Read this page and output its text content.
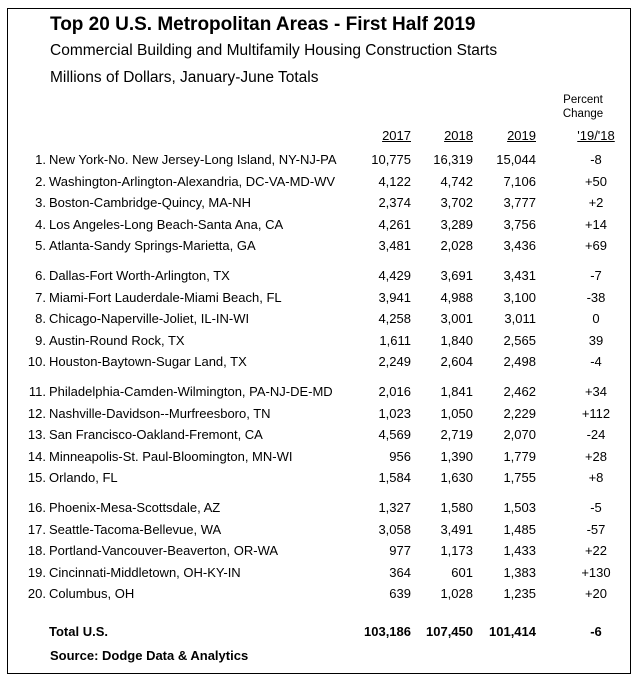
Top 20 U.S. Metropolitan Areas - First Half 2019
Commercial Building and Multifamily Housing Construction Starts
Millions of Dollars, January-June Totals
Percent
Change
2017	2018	2019	'19/'18
1. New York-No. New Jersey-Long Island, NY-NJ-PA	10,775	16,319	15,044	-8
2. Washington-Arlington-Alexandria, DC-VA-MD-WV	4,122	4,742	7,106	+50
3. Boston-Cambridge-Quincy, MA-NH	2,374	3,702	3,777	+2
4. Los Angeles-Long Beach-Santa Ana, CA	4,261	3,289	3,756	+14
5. Atlanta-Sandy Springs-Marietta, GA	3,481	2,028	3,436	+69
6. Dallas-Fort Worth-Arlington, TX	4,429	3,691	3,431	-7
7. Miami-Fort Lauderdale-Miami Beach, FL	3,941	4,988	3,100	-38
8. Chicago-Naperville-Joliet, IL-IN-WI	4,258	3,001	3,011	0
9. Austin-Round Rock, TX	1,611	1,840	2,565	39
10. Houston-Baytown-Sugar Land, TX	2,249	2,604	2,498	-4
11. Philadelphia-Camden-Wilmington, PA-NJ-DE-MD	2,016	1,841	2,462	+34
12. Nashville-Davidson--Murfreesboro, TN	1,023	1,050	2,229	+112
13. San Francisco-Oakland-Fremont, CA	4,569	2,719	2,070	-24
14. Minneapolis-St. Paul-Bloomington, MN-WI	956	1,390	1,779	+28
15. Orlando, FL	1,584	1,630	1,755	+8
16. Phoenix-Mesa-Scottsdale, AZ	1,327	1,580	1,503	-5
17. Seattle-Tacoma-Bellevue, WA	3,058	3,491	1,485	-57
18. Portland-Vancouver-Beaverton, OR-WA	977	1,173	1,433	+22
19. Cincinnati-Middletown, OH-KY-IN	364	601	1,383	+130
20. Columbus, OH	639	1,028	1,235	+20
Total U.S.	103,186	107,450	101,414	-6
Source: Dodge Data & Analytics
